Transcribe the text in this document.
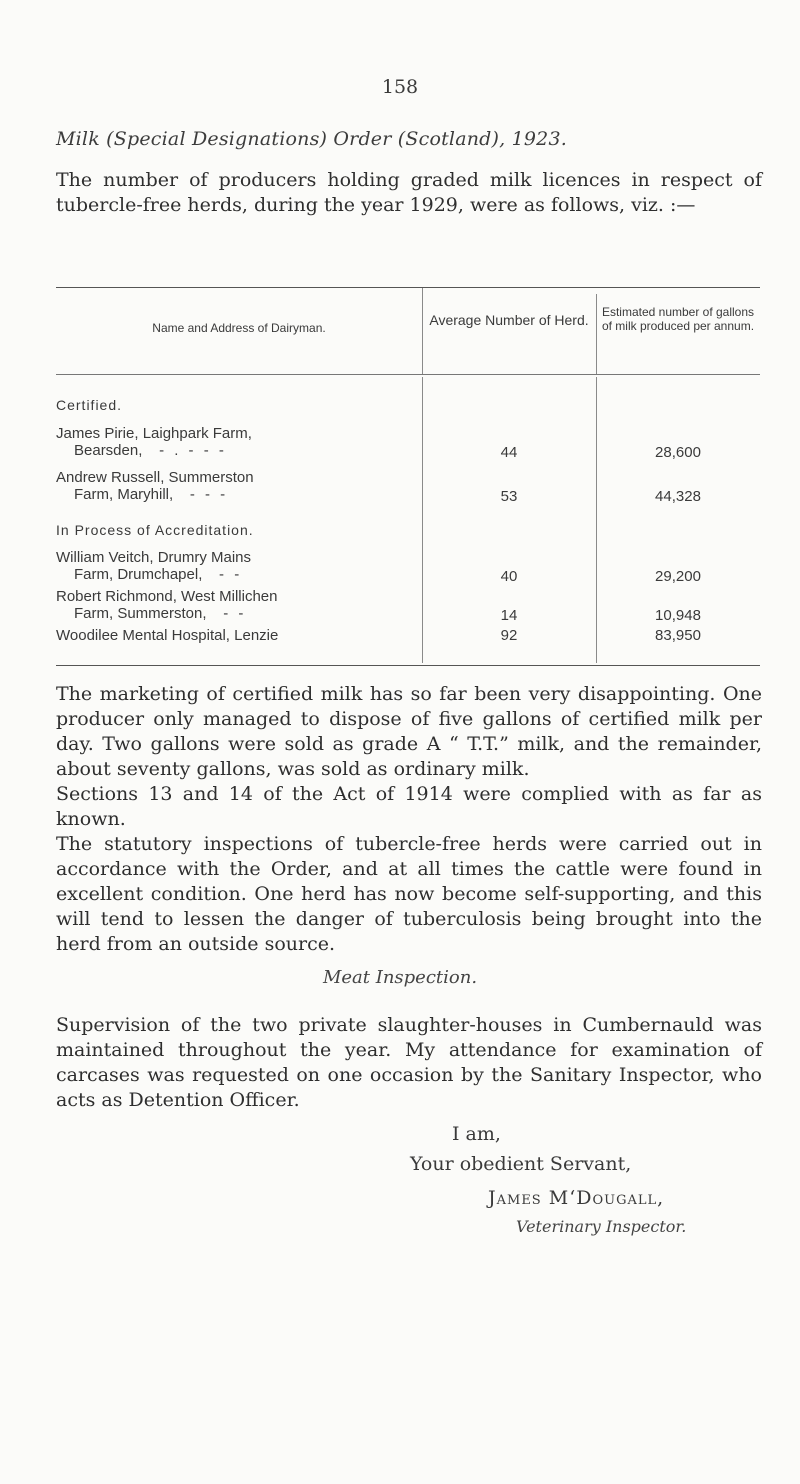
158
Milk (Special Designations) Order (Scotland), 1923.

The number of producers holding graded milk licences in respect of tubercle-free herds, during the year 1929, were as follows, viz. :—

Name and Address of Dairyman.	Average Number of Herd.	Estimated number of gallons of milk produced per annum.
Certified.
James Pirie, Laighpark Farm,
Bearsden, - . - - -	44	28,600
Andrew Russell, Summerston
Farm, Maryhill, - - -	53	44,328
In Process of Accreditation.
William Veitch, Drumry Mains
Farm, Drumchapel, - -	40	29,200
Robert Richmond, West Millichen
Farm, Summerston, - -	14	10,948
Woodilee Mental Hospital, Lenzie	92	83,950

The marketing of certified milk has so far been very disappointing. One producer only managed to dispose of five gallons of certified milk per day. Two gallons were sold as grade A “ T.T.” milk, and the remainder, about seventy gallons, was sold as ordinary milk.

Sections 13 and 14 of the Act of 1914 were complied with as far as known.

The statutory inspections of tubercle-free herds were carried out in accordance with the Order, and at all times the cattle were found in excellent condition. One herd has now become self-supporting, and this will tend to lessen the danger of tuberculosis being brought into the herd from an outside source.

Meat Inspection.

Supervision of the two private slaughter-houses in Cumbernauld was maintained throughout the year. My attendance for examination of carcases was requested on one occasion by the Sanitary Inspector, who acts as Detention Officer.

I am,
Your obedient Servant,
James M‘Dougall,
Veterinary Inspector.
